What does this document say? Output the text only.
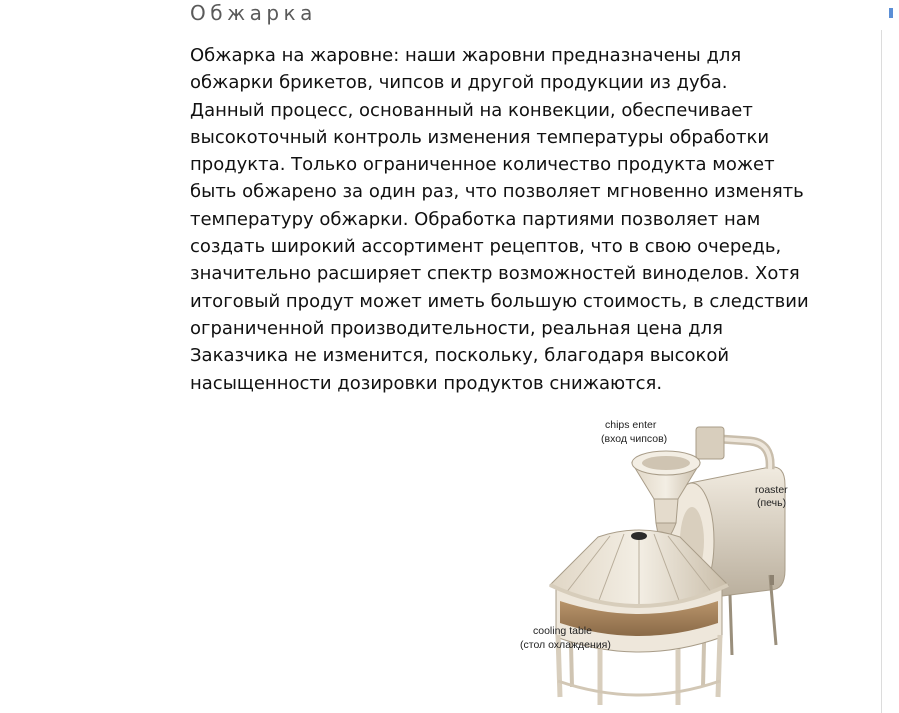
Обжарка
Обжарка на жаровне: наши жаровни предназначены для
обжарки брикетов, чипсов и другой продукции из дуба.
Данный процесс, основанный на конвекции, обеспечивает
высокоточный контроль изменения температуры обработки
продукта. Только ограниченное количество продукта может
быть обжарено за один раз, что позволяет мгновенно изменять
температуру обжарки. Обработка партиями позволяет нам
создать широкий ассортимент рецептов, что в свою очередь,
значительно расширяет спектр возможностей виноделов. Хотя
итоговый продут может иметь большую стоимость, в следствии
ограниченной производительности, реальная цена для
Заказчика не изменится, поскольку, благодаря высокой
насыщенности дозировки продуктов снижаются.
chips enter
(вход чипсов)
roaster
(печь)
cooling table
(стол охлаждения)
